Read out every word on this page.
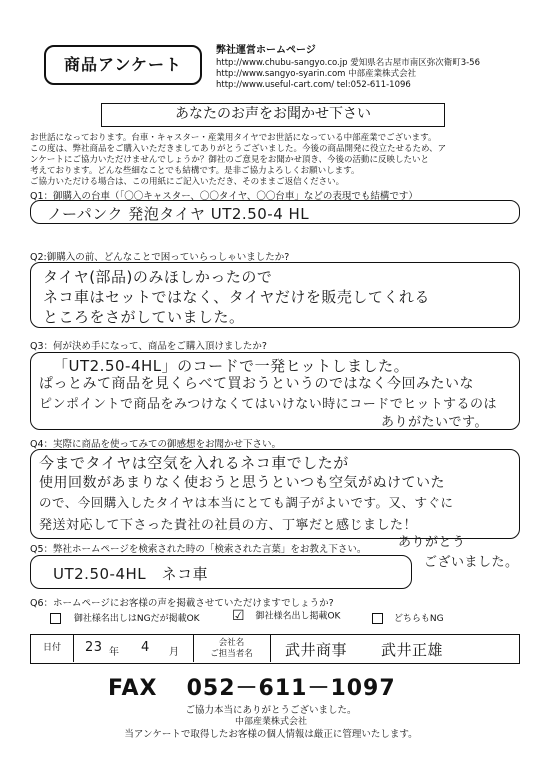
商品アンケート
弊社運営ホームページ
http://www.chubu-sangyo.co.jp 愛知県名古屋市南区弥次衛町3-56
http://www.sangyo-syarin.com 中部産業株式会社
http://www.useful-cart.com/ tel:052-611-1096
あなたのお声をお聞かせ下さい
お世話になっております。台車・キャスター・産業用タイヤでお世話になっている中部産業でございます。
この度は、弊社商品をご購入いただきましてありがとうございました。今後の商品開発に役立たせるため、ア
ンケートにご協力いただけませんでしょうか？御社のご意見をお聞かせ頂き、今後の活動に反映したいと
考えております。どんな些細なことでも結構です。是非ご協力よろしくお願いします。
ご協力いただける場合は、この用紙にご記入いただき、そのままご返信ください。
Q1：御購入の台車（「〇〇キャスター、〇〇タイヤ、〇〇台車」などの表現でも結構です）
ノーパンク 発泡タイヤ UT2.50-4 HL
Q2:御購入の前、どんなことで困っていらっしゃいましたか?
タイヤ(部品)のみほしかったので
ネコ車はセットではなく、タイヤだけを販売してくれる
ところをさがしていました。
Q3：何が決め手になって、商品をご購入頂けましたか?
「UT2.50-4HL」のコードで一発ヒットしました。
ぱっとみて商品を見くらべて買おうというのではなく今回みたいな
ピンポイントで商品をみつけなくてはいけない時にコードでヒットするのは
ありがたいです。
Q4：実際に商品を使ってみての御感想をお聞かせ下さい。
今までタイヤは空気を入れるネコ車でしたが
使用回数があまりなく使おうと思うといつも空気がぬけていた
ので、今回購入したタイヤは本当にとても調子がよいです。又、すぐに
発送対応して下さった貴社の社員の方、丁寧だと感じました！
Q5：弊社ホームページを検索された時の「検索された言葉」をお教え下さい。 ありがとう
ございました。
UT2.50-4HL　ネコ車
Q6：ホームページにお客様の声を掲載させていただけますでしょうか?
御社様名出しはNGだが掲載OK ☑ 御社様名出し掲載OK	どちらもNG
日付	23 年 4 月
会社名
ご担当者名	武井商事 武井正雄
FAX 052－611－1097
ご協力本当にありがとうございました。
中部産業株式会社
当アンケートで取得したお客様の個人情報は厳正に管理いたします。
